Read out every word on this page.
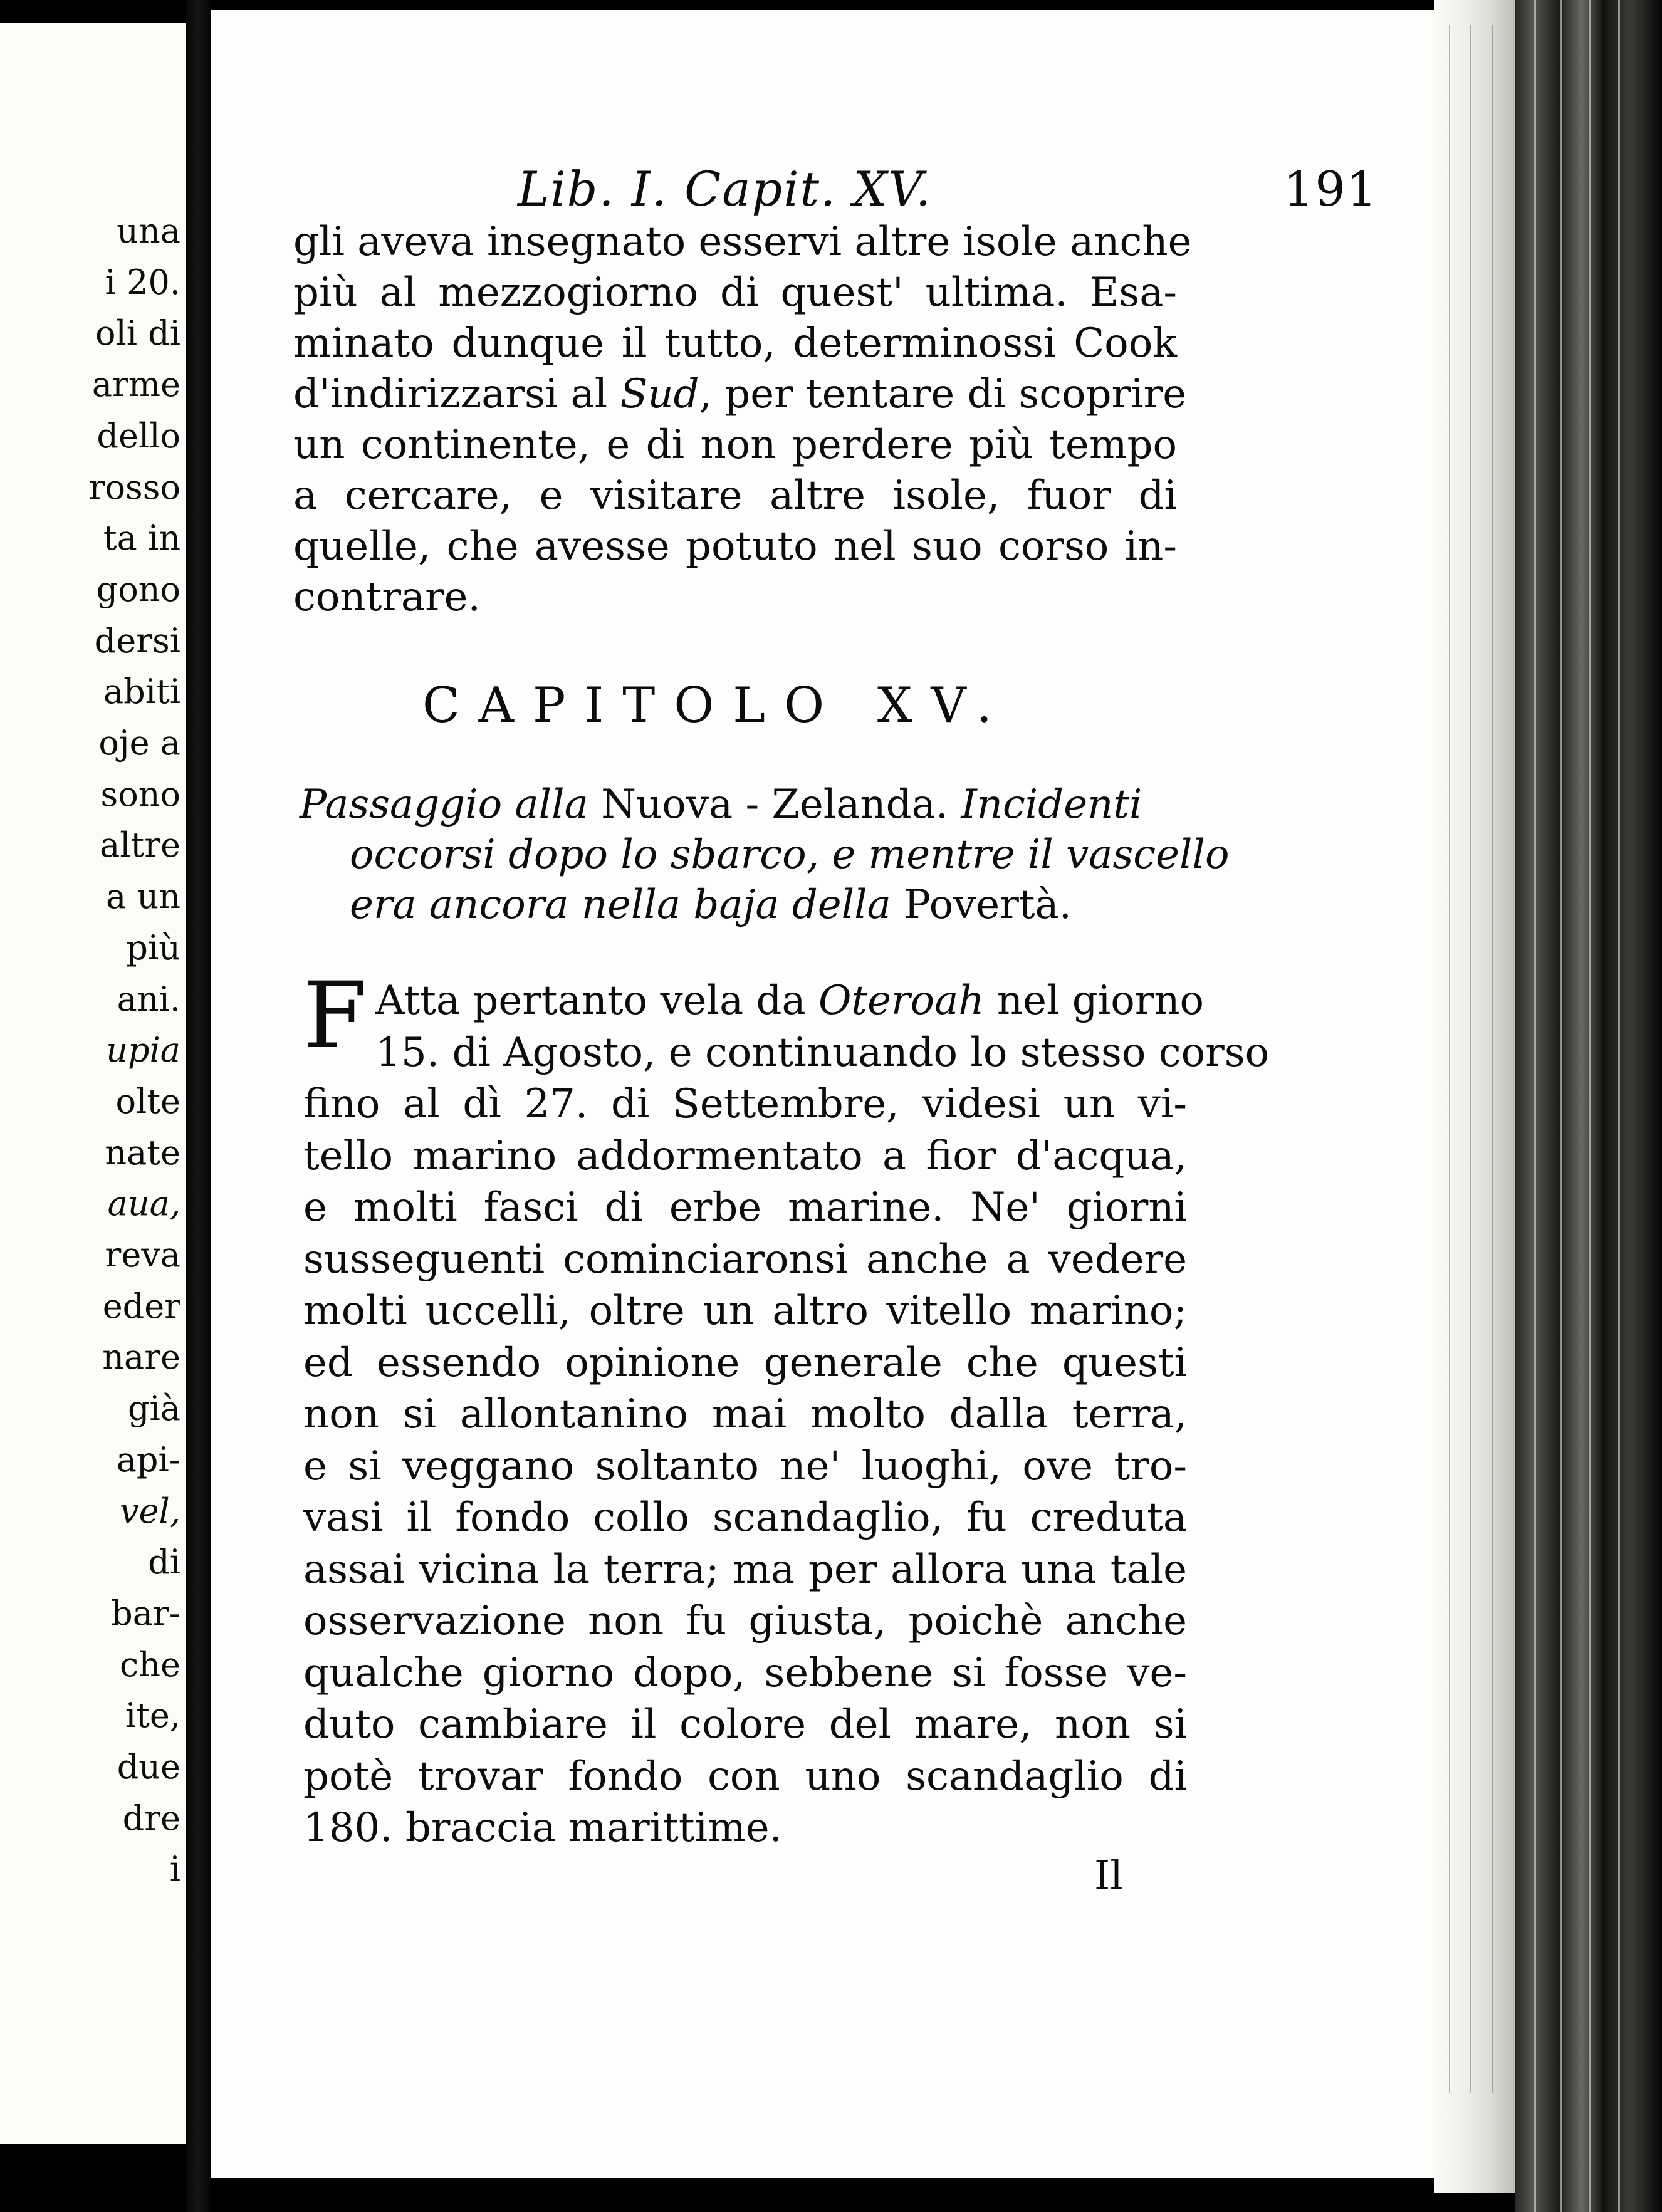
una
i 20.
oli di
arme
dello
rosso
ta in
gono
dersi
abiti
oje a
sono
altre
a un
più
ani.
upia
olte
nate
aua,
reva
eder
nare
già
api-
vel,
di
bar-
che
ite,
due
dre
i
Lib. I. Capit. XV.	191
gli aveva insegnato esservi altre isole anche
più al mezzogiorno di quest' ultima. Esa-
minato dunque il tutto, determinossi Cook
d'indirizzarsi al Sud, per tentare di scoprire
un continente, e di non perdere più tempo
a cercare, e visitare altre isole, fuor di
quelle, che avesse potuto nel suo corso in-
contrare.
CAPITOLO XV.
Passaggio alla Nuova - Zelanda. Incidenti
occorsi dopo lo sbarco, e mentre il vascello
era ancora nella baja della Povertà.
F Atta pertanto vela da Oteroah nel giorno
15. di Agosto, e continuando lo stesso corso
fino al dì 27. di Settembre, videsi un vi-
tello marino addormentato a fior d'acqua,
e molti fasci di erbe marine. Ne' giorni
susseguenti cominciaronsi anche a vedere
molti uccelli, oltre un altro vitello marino;
ed essendo opinione generale che questi
non si allontanino mai molto dalla terra,
e si veggano soltanto ne' luoghi, ove tro-
vasi il fondo collo scandaglio, fu creduta
assai vicina la terra; ma per allora una tale
osservazione non fu giusta, poichè anche
qualche giorno dopo, sebbene si fosse ve-
duto cambiare il colore del mare, non si
potè trovar fondo con uno scandaglio di
180. braccia marittime.
Il
